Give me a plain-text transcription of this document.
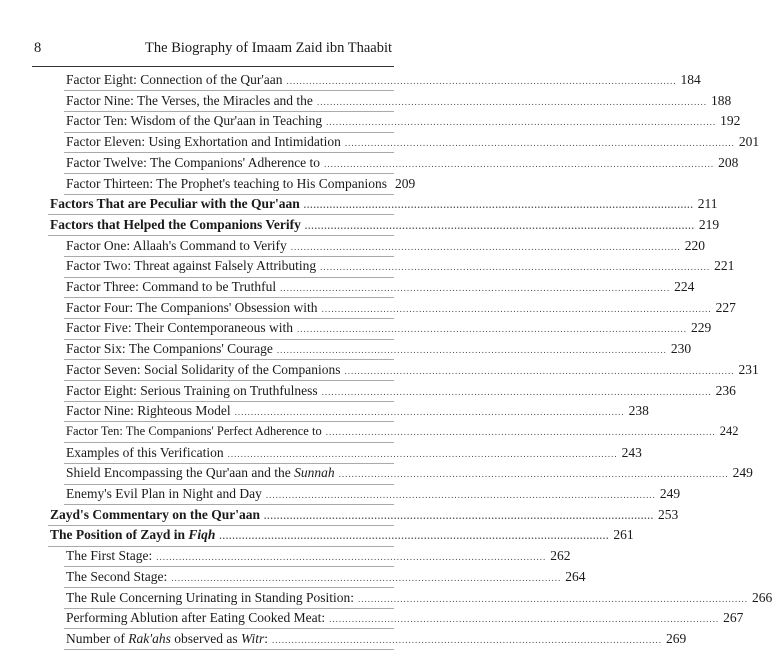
8	The Biography of Imaam Zaid ibn Thaabit
Factor Eight: Connection of the Qur'aan ........................................................................................................................ 184
Factor Nine: The Verses, the Miracles and the ........................................................................................................................ 188
Factor Ten: Wisdom of the Qur'aan in Teaching ........................................................................................................................ 192
Factor Eleven: Using Exhortation and Intimidation ........................................................................................................................ 201
Factor Twelve: The Companions' Adherence to ........................................................................................................................ 208
Factor Thirteen: The Prophet's teaching to His Companions 209
Factors That are Peculiar with the Qur'aan ........................................................................................................................ 211
Factors that Helped the Companions Verify ........................................................................................................................ 219
Factor One: Allaah's Command to Verify ........................................................................................................................ 220
Factor Two: Threat against Falsely Attributing ........................................................................................................................ 221
Factor Three: Command to be Truthful ........................................................................................................................ 224
Factor Four: The Companions' Obsession with ........................................................................................................................ 227
Factor Five: Their Contemporaneous with ........................................................................................................................ 229
Factor Six: The Companions' Courage ........................................................................................................................ 230
Factor Seven: Social Solidarity of the Companions ........................................................................................................................ 231
Factor Eight: Serious Training on Truthfulness ........................................................................................................................ 236
Factor Nine: Righteous Model ........................................................................................................................ 238
Factor Ten: The Companions' Perfect Adherence to ........................................................................................................................ 242
Examples of this Verification ........................................................................................................................ 243
Shield Encompassing the Qur'aan and the Sunnah ........................................................................................................................ 249
Enemy's Evil Plan in Night and Day ........................................................................................................................ 249
Zayd's Commentary on the Qur'aan ........................................................................................................................ 253
The Position of Zayd in Fiqh ........................................................................................................................ 261
The First Stage: ........................................................................................................................ 262
The Second Stage: ........................................................................................................................ 264
The Rule Concerning Urinating in Standing Position: ........................................................................................................................ 266
Performing Ablution after Eating Cooked Meat: ........................................................................................................................ 267
Number of Rak'ahs observed as Witr: ........................................................................................................................ 269
